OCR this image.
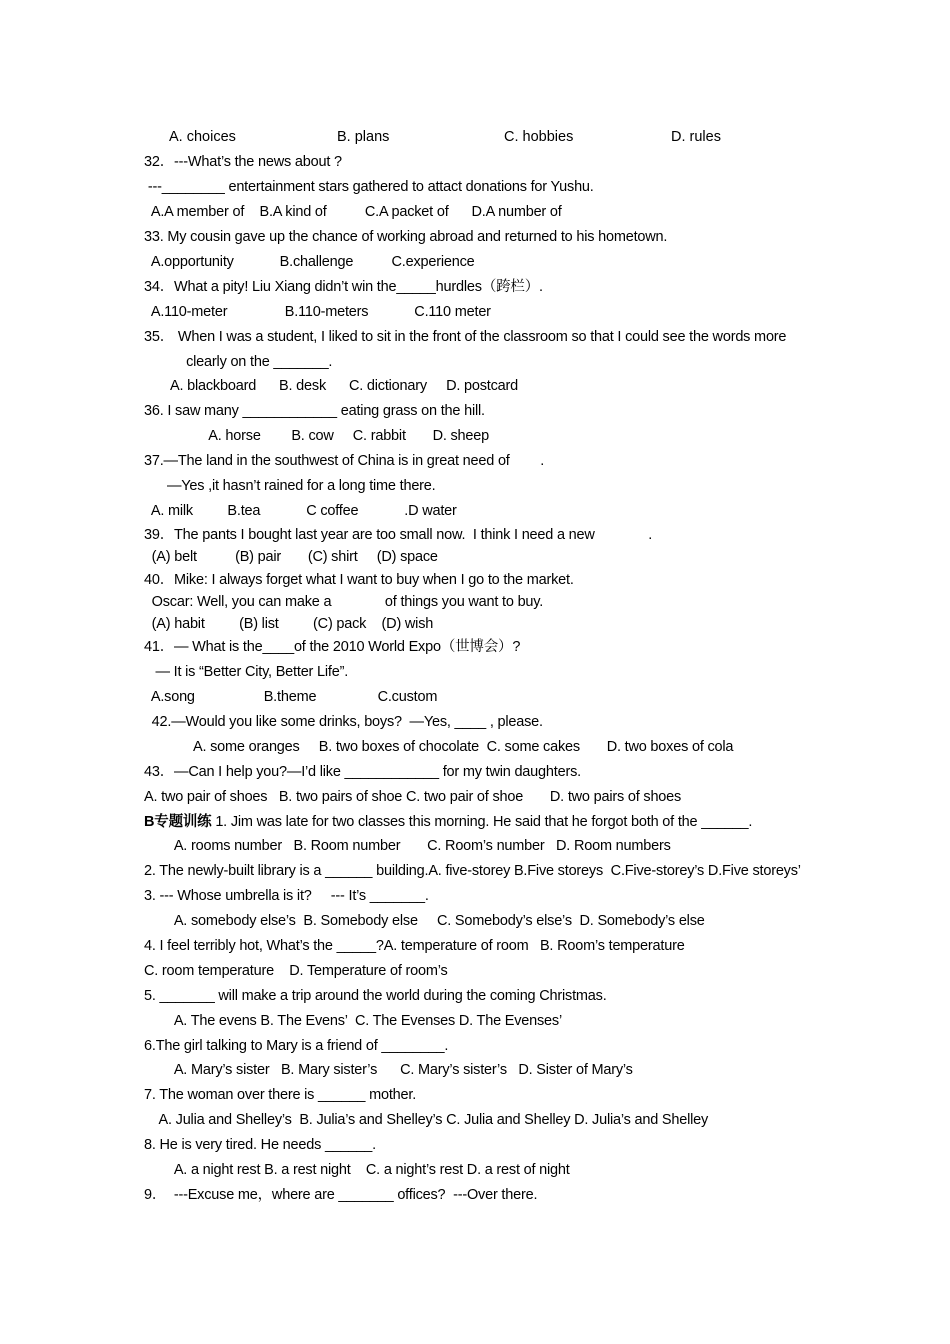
A. choices	B. plans	C. hobbies	D. rules
32．---What’s the news about ?
---________ entertainment stars gathered to attact donations for Yushu.
A.A member of    B.A kind of          C.A packet of      D.A number of
33. My cousin gave up the chance of working abroad and returned to his hometown.
A.opportunity            B.challenge          C.experience
34．What a pity! Liu Xiang didn’t win the_____hurdles（跨栏）.
A.110-meter               B.110-meters            C.110 meter
35． When I was a student, I liked to sit in the front of the classroom so that I could see the words more
clearly on the _______.
A. blackboard      B. desk      C. dictionary     D. postcard
36. I saw many ____________ eating grass on the hill.
A. horse        B. cow     C. rabbit       D. sheep
37.—The land in the southwest of China is in great need of        .
—Yes ,it hasn’t rained for a long time there.
A. milk         B.tea            C coffee            .D water
39．The pants I bought last year are too small now.  I think I need a new              .
(A) belt          (B) pair       (C) shirt     (D) space
40．Mike: I always forget what I want to buy when I go to the market.
Oscar: Well, you can make a              of things you want to buy.
(A) habit         (B) list         (C) pack    (D) wish
41．— What is the____of the 2010 World Expo（世博会）?
— It is “Better City, Better Life”.
A.song                  B.theme                C.custom
42.—Would you like some drinks, boys?  —Yes, ____ , please.
A. some oranges     B. two boxes of chocolate  C. some cakes       D. two boxes of cola
43．—Can I help you?—I’d like ____________ for my twin daughters.
A. two pair of shoes   B. two pairs of shoe C. two pair of shoe       D. two pairs of shoes
B专题训练 1. Jim was late for two classes this morning. He said that he forgot both of the ______.
A. rooms number   B. Room number       C. Room’s number   D. Room numbers
2. The newly-built library is a ______ building.A. five-storey B.Five storeys  C.Five-storey’s D.Five storeys’
3. --- Whose umbrella is it?     --- It’s _______.
A. somebody else’s  B. Somebody else     C. Somebody’s else’s  D. Somebody’s else
4. I feel terribly hot, What’s the _____?A. temperature of room   B. Room’s temperature
C. room temperature    D. Temperature of room’s
5. _______ will make a trip around the world during the coming Christmas.
A. The evens B. The Evens’  C. The Evenses D. The Evenses’
6.The girl talking to Mary is a friend of ________.
A. Mary’s sister   B. Mary sister’s      C. Mary’s sister’s   D. Sister of Mary’s
7. The woman over there is ______ mother.
A. Julia and Shelley’s  B. Julia’s and Shelley’s C. Julia and Shelley D. Julia’s and Shelley
8. He is very tired. He needs ______.
A. a night rest B. a rest night    C. a night’s rest D. a rest of night
9．  ---Excuse me，where are _______ offices?  ---Over there.
